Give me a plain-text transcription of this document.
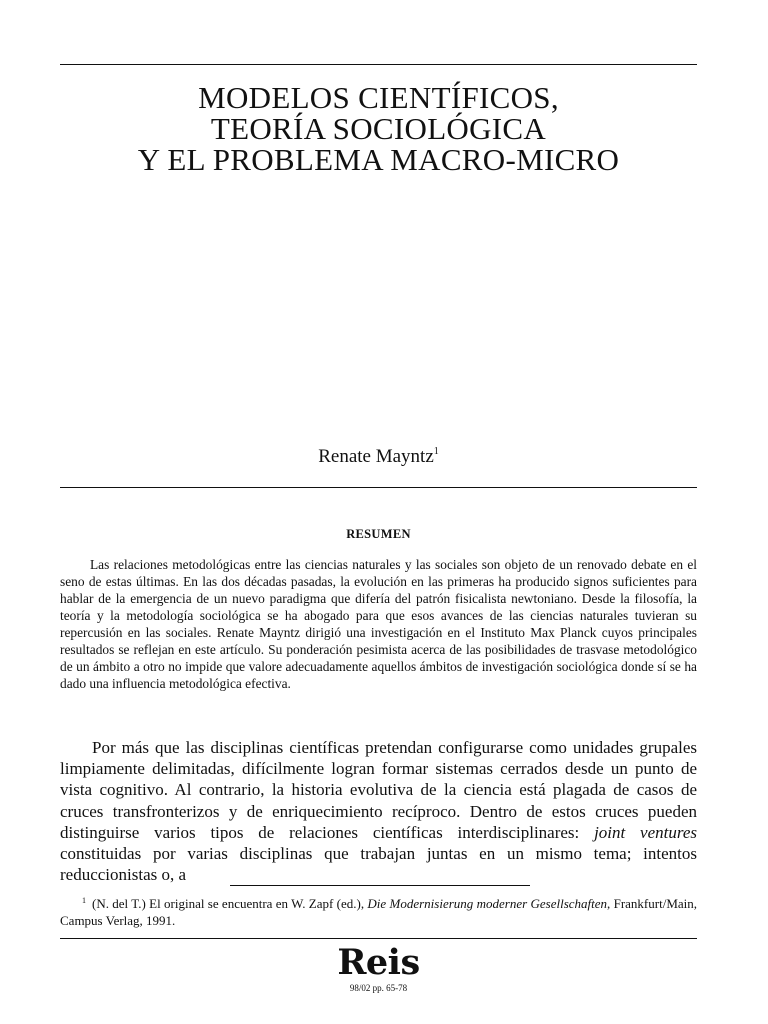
MODELOS CIENTÍFICOS,
TEORÍA SOCIOLÓGICA
Y EL PROBLEMA MACRO-MICRO
Renate Mayntz$^1$
RESUMEN

Las relaciones metodológicas entre las ciencias naturales y las sociales son objeto de un renovado debate en el seno de estas últimas. En las dos décadas pasadas, la evolución en las primeras ha producido signos suficientes para hablar de la emergencia de un nuevo paradigma que difería del patrón fisicalista newtoniano. Desde la filosofía, la teoría y la metodología sociológica se ha abogado para que esos avances de las ciencias naturales tuvieran su repercusión en las sociales. Renate Mayntz dirigió una investigación en el Instituto Max Planck cuyos principales resultados se reflejan en este artículo. Su ponderación pesimista acerca de las posibilidades de trasvase metodológico de un ámbito a otro no impide que valore adecuadamente aquellos ámbitos de investigación sociológica donde sí se ha dado una influencia metodológica efectiva.

Por más que las disciplinas científicas pretendan configurarse como unidades grupales limpiamente delimitadas, difícilmente logran formar sistemas cerrados desde un punto de vista cognitivo. Al contrario, la historia evolutiva de la ciencia está plagada de casos de cruces transfronterizos y de enriquecimiento recíproco. Dentro de estos cruces pueden distinguirse varios tipos de relaciones científicas interdisciplinares: joint ventures constituidas por varias disciplinas que trabajan juntas en un mismo tema; intentos reduccionistas o, a

$^1$ (N. del T.) El original se encuentra en W. Zapf (ed.), Die Modernisierung moderner Gesellschaften, Frankfurt/Main, Campus Verlag, 1991.

Reis
98/02 pp. 65-78
